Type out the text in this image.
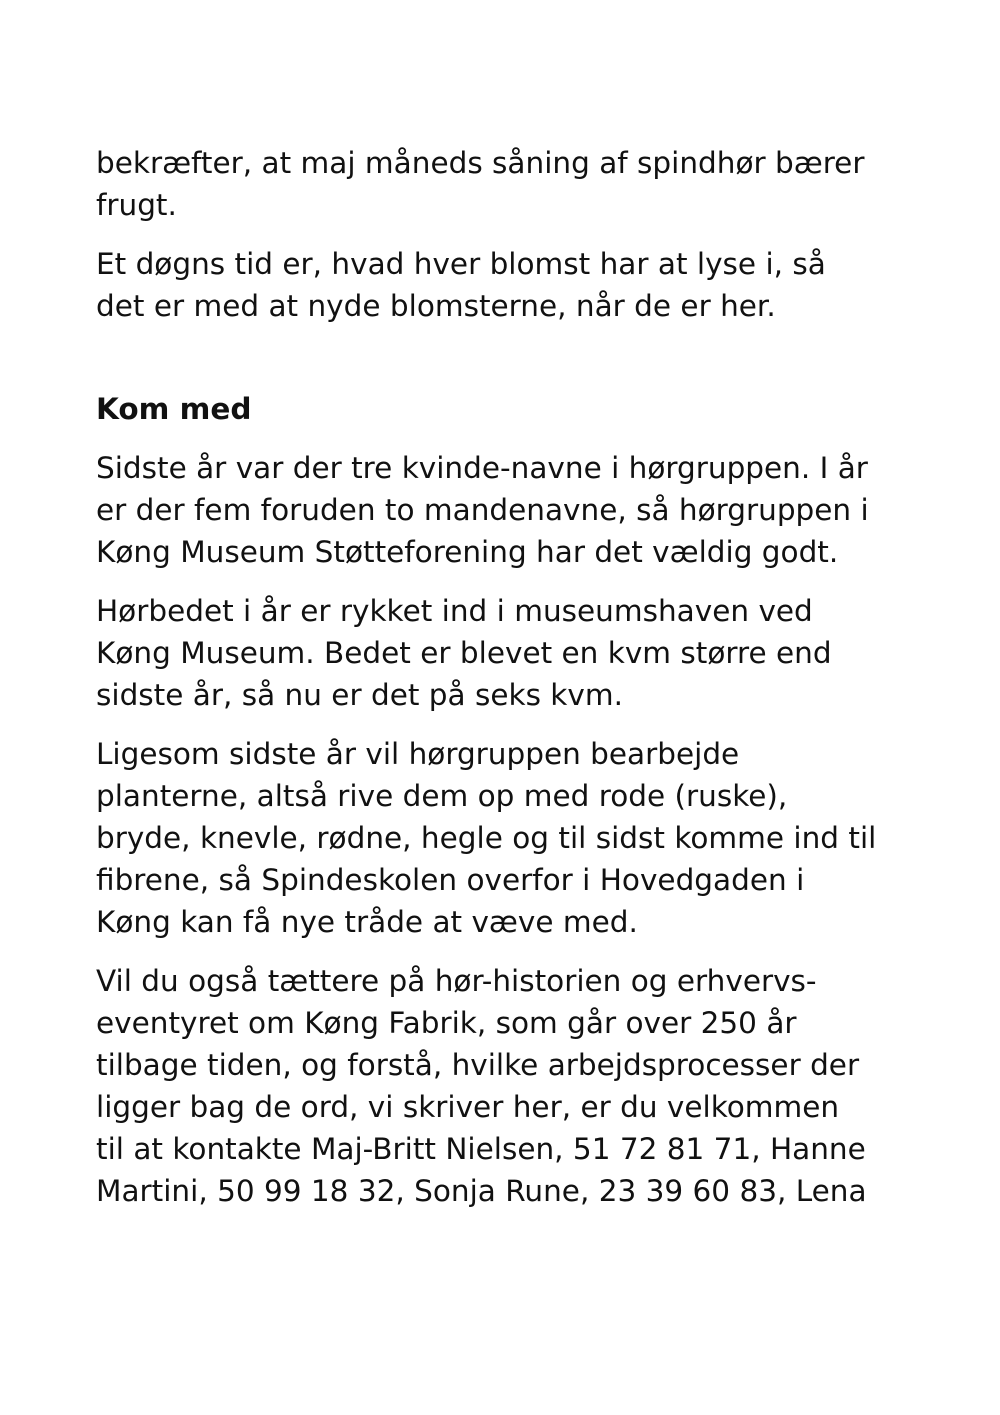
bekræfter, at maj måneds såning af spindhør bærer
frugt.
Et døgns tid er, hvad hver blomst har at lyse i, så
det er med at nyde blomsterne, når de er her.
Kom med
Sidste år var der tre kvinde-navne i hørgruppen. I år
er der fem foruden to mandenavne, så hørgruppen i
Køng Museum Støtteforening har det vældig godt.
Hørbedet i år er rykket ind i museumshaven ved
Køng Museum. Bedet er blevet en kvm større end
sidste år, så nu er det på seks kvm.
Ligesom sidste år vil hørgruppen bearbejde
planterne, altså rive dem op med rode (ruske),
bryde, knevle, rødne, hegle og til sidst komme ind til
fibrene, så Spindeskolen overfor i Hovedgaden i
Køng kan få nye tråde at væve med.
Vil du også tættere på hør-historien og erhvervs-
eventyret om Køng Fabrik, som går over 250 år
tilbage tiden, og forstå, hvilke arbejdsprocesser der
ligger bag de ord, vi skriver her, er du velkommen
til at kontakte Maj-Britt Nielsen, 51 72 81 71, Hanne
Martini, 50 99 18 32, Sonja Rune, 23 39 60 83, Lena
